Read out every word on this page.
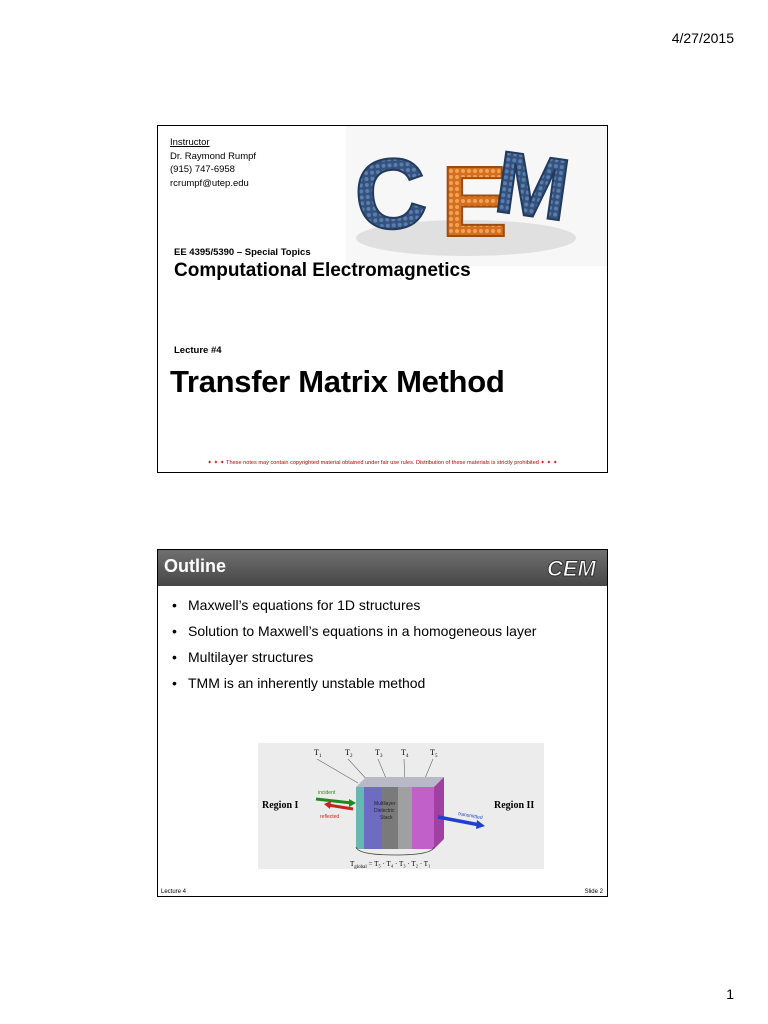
4/27/2015
Instructor
Dr. Raymond Rumpf
(915) 747-6958
rcrumpf@utep.edu C E
M
EE 4395/5390 – Special Topics
Computational Electromagnetics
Lecture #4
Transfer Matrix Method
✦ ✦ ✦ These notes may contain copyrighted material obtained under fair use rules. Distribution of these materials is strictly prohibited ✦ ✦ ✦
Outline	CEM
• Maxwell’s equations for 1D structures
• Solution to Maxwell’s equations in a homogeneous layer
• Multilayer structures
• TMM is an inherently unstable method
T 1	T 2	T 3 T 4	T 5
Multilayer
Dielectric
Stack
incident
reflected	transmitted
Region I	Region II
$T_{global} = T_5 \cdot T_4 \cdot T_3 \cdot T_2 \cdot T_1$
Lecture 4	Slide 2
1
